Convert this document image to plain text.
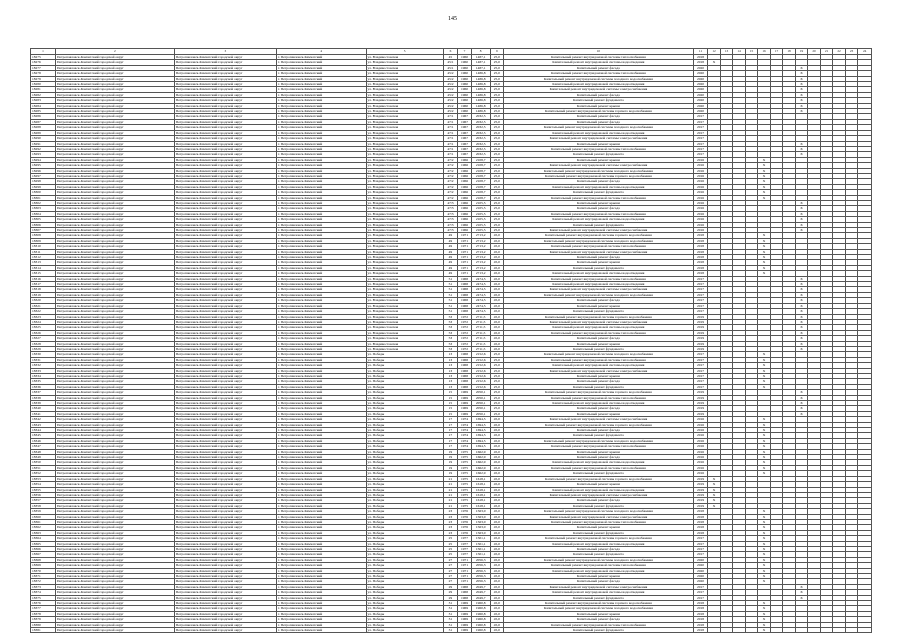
145
1	2	3	4	5	6	7	8	9	10	11	12	13	14	15	16	17	18	19	20	21	22	23	24
18275	Петропавловск-Камчатский городской округ	Петропавловск-Камчатский городской округ	г. Петропавловск-Камчатский	ул. Владивостокская	45	1960	1487,1	25,0	Капитальный ремонт внутридомовой системы теплоснабжения	2018													
18276	Петропавловск-Камчатский городской округ	Петропавловск-Камчатский городской округ	г. Петропавловск-Камчатский	ул. Владивостокская	45/1	1960	1487,1	25,0	Капитальный ремонт внутридомовой системы водоотведения	2018	X												
18277	Петропавловск-Камчатский городской округ	Петропавловск-Камчатский городской округ	г. Петропавловск-Камчатский	ул. Владивостокская	45/1	1960	1487,1	25,0	Капитальный ремонт фасада	2020								X					
18278	Петропавловск-Камчатский городской округ	Петропавловск-Камчатский городской округ	г. Петропавловск-Камчатский	ул. Владивостокская	45/2	1960	1486,8	25,0	Капитальный ремонт внутридомовой системы теплоснабжения	2020								X					
18279	Петропавловск-Камчатский городской округ	Петропавловск-Камчатский городской округ	г. Петропавловск-Камчатский	ул. Владивостокская	45/2	1960	1486,8	25,0	Капитальный ремонт внутридомовой системы холодного водоснабжения	2020								X					
18280	Петропавловск-Камчатский городской округ	Петропавловск-Камчатский городской округ	г. Петропавловск-Камчатский	ул. Владивостокская	45/2	1960	1486,8	25,0	Капитальный ремонт внутридомовой системы водоотведения	2020								X					
18281	Петропавловск-Камчатский городской округ	Петропавловск-Камчатский городской округ	г. Петропавловск-Камчатский	ул. Владивостокская	45/2	1960	1486,8	25,0	Капитальный ремонт внутридомовой системы электроснабжения	2020								X					
18282	Петропавловск-Камчатский городской округ	Петропавловск-Камчатский городской округ	г. Петропавловск-Камчатский	ул. Владивостокская	45/2	1960	1486,8	25,0	Капитальный ремонт фасада	2020								X					
18283	Петропавловск-Камчатский городской округ	Петропавловск-Камчатский городской округ	г. Петропавловск-Камчатский	ул. Владивостокская	45/2	1960	1486,8	25,0	Капитальный ремонт фундамента	2020								X					
18284	Петропавловск-Камчатский городской округ	Петропавловск-Камчатский городской округ	г. Петропавловск-Камчатский	ул. Владивостокская	45/2	1960	1486,8	25,0	Капитальный ремонт крыши	2020								X					
18285	Петропавловск-Камчатский городской округ	Петропавловск-Камчатский городской округ	г. Петропавловск-Камчатский	ул. Владивостокская	45/2	1960	1486,8	25,0	Капитальный ремонт внутридомовой системы горячего водоснабжения	2020								X					
18286	Петропавловск-Камчатский городской округ	Петропавловск-Камчатский городской округ	г. Петропавловск-Камчатский	ул. Владивостокская	47/1	1967	2032,5	25,0	Капитальный ремонт фасада	2017													
18287	Петропавловск-Камчатский городской округ	Петропавловск-Камчатский городской округ	г. Петропавловск-Камчатский	ул. Владивостокская	47/1	1967	2032,5	25,0	Капитальный ремонт фасада	2017													
18288	Петропавловск-Камчатский городской округ	Петропавловск-Камчатский городской округ	г. Петропавловск-Камчатский	ул. Владивостокская	47/1	1967	2032,5	25,0	Капитальный ремонт внутридомовой системы холодного водоснабжения	2017													
18289	Петропавловск-Камчатский городской округ	Петропавловск-Камчатский городской округ	г. Петропавловск-Камчатский	ул. Владивостокская	47/1	1967	2032,5	25,0	Капитальный ремонт внутридомовой системы водоотведения	2017													
18290	Петропавловск-Камчатский городской округ	Петропавловск-Камчатский городской округ	г. Петропавловск-Камчатский	ул. Владивостокская	47/1	1967	2032,5	25,0	Капитальный ремонт внутридомовой системы электроснабжения	2017													
18291	Петропавловск-Камчатский городской округ	Петропавловск-Камчатский городской округ	г. Петропавловск-Камчатский	ул. Владивостокская	47/1	1967	2032,5	25,0	Капитальный ремонт крыши	2017								X					
18292	Петропавловск-Камчатский городской округ	Петропавловск-Камчатский городской округ	г. Петропавловск-Камчатский	ул. Владивостокская	47/1	1967	2032,5	25,0	Капитальный ремонт внутридомовой системы теплоснабжения	2017								X					
18293	Петропавловск-Камчатский городской округ	Петропавловск-Камчатский городской округ	г. Петропавловск-Камчатский	ул. Владивостокская	47/1	1967	2032,5	25,0	Капитальный ремонт фундамента	2017								X					
18294	Петропавловск-Камчатский городской округ	Петропавловск-Камчатский городской округ	г. Петропавловск-Камчатский	ул. Владивостокская	47/2	1966	2108,7	25,0	Капитальный ремонт крыши	2016					X								
18295	Петропавловск-Камчатский городской округ	Петропавловск-Камчатский городской округ	г. Петропавловск-Камчатский	ул. Владивостокская	47/2	1966	2108,7	25,0	Капитальный ремонт внутридомовой системы электроснабжения	2016					X								
18296	Петропавловск-Камчатский городской округ	Петропавловск-Камчатский городской округ	г. Петропавловск-Камчатский	ул. Владивостокская	47/2	1966	2108,7	25,0	Капитальный ремонт внутридомовой системы холодного водоснабжения	2016					X								
18297	Петропавловск-Камчатский городской округ	Петропавловск-Камчатский городской округ	г. Петропавловск-Камчатский	ул. Владивостокская	47/2	1966	2108,7	25,0	Капитальный ремонт внутридомовой системы горячего водоснабжения	2016					X								
18298	Петропавловск-Камчатский городской округ	Петропавловск-Камчатский городской округ	г. Петропавловск-Камчатский	ул. Владивостокская	47/2	1966	2108,7	25,0	Капитальный ремонт фасада	2016					X								
18299	Петропавловск-Камчатский городской округ	Петропавловск-Камчатский городской округ	г. Петропавловск-Камчатский	ул. Владивостокская	47/2	1966	2108,7	25,0	Капитальный ремонт внутридомовой системы водоотведения	2016					X								
18300	Петропавловск-Камчатский городской округ	Петропавловск-Камчатский городской округ	г. Петропавловск-Камчатский	ул. Владивостокская	47/2	1966	2108,7	25,0	Капитальный ремонт фундамента	2016					X								
18301	Петропавловск-Камчатский городской округ	Петропавловск-Камчатский городской округ	г. Петропавловск-Камчатский	ул. Владивостокская	47/2	1966	2108,7	25,0	Капитальный ремонт внутридомовой системы теплоснабжения	2016					X								
18302	Петропавловск-Камчатский городской округ	Петропавловск-Камчатский городской округ	г. Петропавловск-Камчатский	ул. Владивостокская	47/3	1966	2105,5	25,0	Капитальный ремонт крыши	2016								X					
18303	Петропавловск-Камчатский городской округ	Петропавловск-Камчатский городской округ	г. Петропавловск-Камчатский	ул. Владивостокская	47/3	1966	2105,5	25,0	Капитальный ремонт фасада	2016								X					
18304	Петропавловск-Камчатский городской округ	Петропавловск-Камчатский городской округ	г. Петропавловск-Камчатский	ул. Владивостокская	47/3	1966	2105,5	25,0	Капитальный ремонт внутридомовой системы теплоснабжения	2016								X					
18305	Петропавловск-Камчатский городской округ	Петропавловск-Камчатский городской округ	г. Петропавловск-Камчатский	ул. Владивостокская	47/3	1966	2105,5	25,0	Капитальный ремонт внутридомовой системы водоотведения	2016								X					
18306	Петропавловск-Камчатский городской округ	Петропавловск-Камчатский городской округ	г. Петропавловск-Камчатский	ул. Владивостокская	47/3	1966	2105,5	25,0	Капитальный ремонт фундамента	2016								X					
18307	Петропавловск-Камчатский городской округ	Петропавловск-Камчатский городской округ	г. Петропавловск-Камчатский	ул. Владивостокская	47/3	1966	2105,5	25,0	Капитальный ремонт внутридомовой системы электроснабжения	2016								X					
18308	Петропавловск-Камчатский городской округ	Петропавловск-Камчатский городской округ	г. Петропавловск-Камчатский	ул. Владивостокская	49	1971	2713,2	45,0	Капитальный ремонт внутридомовой системы горячего водоснабжения	2018					X								
18309	Петропавловск-Камчатский городской округ	Петропавловск-Камчатский городской округ	г. Петропавловск-Камчатский	ул. Владивостокская	49	1971	2713,2	45,0	Капитальный ремонт внутридомовой системы холодного водоснабжения	2018					X								
18310	Петропавловск-Камчатский городской округ	Петропавловск-Камчатский городской округ	г. Петропавловск-Камчатский	ул. Владивостокская	49	1971	2713,2	45,0	Капитальный ремонт внутридомовой системы теплоснабжения	2018					X								
18311	Петропавловск-Камчатский городской округ	Петропавловск-Камчатский городской округ	г. Петропавловск-Камчатский	ул. Владивостокская	49	1971	2713,2	45,0	Капитальный ремонт внутридомовой системы электроснабжения	2018					X								
18312	Петропавловск-Камчатский городской округ	Петропавловск-Камчатский городской округ	г. Петропавловск-Камчатский	ул. Владивостокская	49	1971	2713,2	45,0	Капитальный ремонт фасада	2018					X								
18313	Петропавловск-Камчатский городской округ	Петропавловск-Камчатский городской округ	г. Петропавловск-Камчатский	ул. Владивостокская	49	1971	2713,2	45,0	Капитальный ремонт крыши	2018					X								
18314	Петропавловск-Камчатский городской округ	Петропавловск-Камчатский городской округ	г. Петропавловск-Камчатский	ул. Владивостокская	49	1971	2713,2	45,0	Капитальный ремонт фундамента	2018					X								
18315	Петропавловск-Камчатский городской округ	Петропавловск-Камчатский городской округ	г. Петропавловск-Камчатский	ул. Владивостокская	49	1971	2713,2	45,0	Капитальный ремонт внутридомовой системы водоотведения	2018					X								
18316	Петропавловск-Камчатский городской округ	Петропавловск-Камчатский городской округ	г. Петропавловск-Камчатский	ул. Владивостокская	51	1968	2474,5	45,0	Капитальный ремонт внутридомовой системы теплоснабжения	2017								X					
18317	Петропавловск-Камчатский городской округ	Петропавловск-Камчатский городской округ	г. Петропавловск-Камчатский	ул. Владивостокская	51	1968	2474,5	45,0	Капитальный ремонт внутридомовой системы водоотведения	2017								X					
18318	Петропавловск-Камчатский городской округ	Петропавловск-Камчатский городской округ	г. Петропавловск-Камчатский	ул. Владивостокская	51	1968	2474,5	45,0	Капитальный ремонт внутридомовой системы электроснабжения	2017								X					
18319	Петропавловск-Камчатский городской округ	Петропавловск-Камчатский городской округ	г. Петропавловск-Камчатский	ул. Владивостокская	51	1968	2474,5	45,0	Капитальный ремонт внутридомовой системы холодного водоснабжения	2017								X					
18320	Петропавловск-Камчатский городской округ	Петропавловск-Камчатский городской округ	г. Петропавловск-Камчатский	ул. Владивостокская	51	1968	2474,5	45,0	Капитальный ремонт фасада	2017								X					
18321	Петропавловск-Камчатский городской округ	Петропавловск-Камчатский городской округ	г. Петропавловск-Камчатский	ул. Владивостокская	51	1968	2474,5	45,0	Капитальный ремонт крыши	2017								X					
18322	Петропавловск-Камчатский городской округ	Петропавловск-Камчатский городской округ	г. Петропавловск-Камчатский	ул. Владивостокская	51	1968	2474,5	45,0	Капитальный ремонт фундамента	2017								X					
18323	Петропавловск-Камчатский городской округ	Петропавловск-Камчатский городской округ	г. Петропавловск-Камчатский	ул. Владивостокская	53	1972	2711,5	45,0	Капитальный ремонт внутридомовой системы горячего водоснабжения	2019								X					
18324	Петропавловск-Камчатский городской округ	Петропавловск-Камчатский городской округ	г. Петропавловск-Камчатский	ул. Владивостокская	53	1972	2711,5	45,0	Капитальный ремонт внутридомовой системы электроснабжения	2019								X					
18325	Петропавловск-Камчатский городской округ	Петропавловск-Камчатский городской округ	г. Петропавловск-Камчатский	ул. Владивостокская	53	1972	2711,5	45,0	Капитальный ремонт внутридомовой системы водоотведения	2019								X					
18326	Петропавловск-Камчатский городской округ	Петропавловск-Камчатский городской округ	г. Петропавловск-Камчатский	ул. Владивостокская	53	1972	2711,5	45,0	Капитальный ремонт внутридомовой системы теплоснабжения	2019								X					
18327	Петропавловск-Камчатский городской округ	Петропавловск-Камчатский городской округ	г. Петропавловск-Камчатский	ул. Владивостокская	53	1972	2711,5	45,0	Капитальный ремонт фасада	2019								X					
18328	Петропавловск-Камчатский городской округ	Петропавловск-Камчатский городской округ	г. Петропавловск-Камчатский	ул. Владивостокская	53	1972	2711,5	45,0	Капитальный ремонт крыши	2019								X					
18329	Петропавловск-Камчатский городской округ	Петропавловск-Камчатский городской округ	г. Петропавловск-Камчатский	ул. Владивостокская	53	1972	2711,5	45,0	Капитальный ремонт фундамента	2019								X					
18330	Петропавловск-Камчатский городской округ	Петропавловск-Камчатский городской округ	г. Петропавловск-Камчатский	ул. Победы	13	1968	2152,6	25,0	Капитальный ремонт внутридомовой системы холодного водоснабжения	2017					X								
18331	Петропавловск-Камчатский городской округ	Петропавловск-Камчатский городской округ	г. Петропавловск-Камчатский	ул. Победы	13	1968	2152,6	25,0	Капитальный ремонт внутридомовой системы теплоснабжения	2017					X								
18332	Петропавловск-Камчатский городской округ	Петропавловск-Камчатский городской округ	г. Петропавловск-Камчатский	ул. Победы	13	1968	2152,6	25,0	Капитальный ремонт внутридомовой системы водоотведения	2017					X								
18333	Петропавловск-Камчатский городской округ	Петропавловск-Камчатский городской округ	г. Петропавловск-Камчатский	ул. Победы	13	1968	2152,6	25,0	Капитальный ремонт внутридомовой системы электроснабжения	2017					X								
18334	Петропавловск-Камчатский городской округ	Петропавловск-Камчатский городской округ	г. Петропавловск-Камчатский	ул. Победы	13	1968	2152,6	25,0	Капитальный ремонт крыши	2017					X								
18335	Петропавловск-Камчатский городской округ	Петропавловск-Камчатский городской округ	г. Петропавловск-Камчатский	ул. Победы	13	1968	2152,6	25,0	Капитальный ремонт фасада	2017					X								
18336	Петропавловск-Камчатский городской округ	Петропавловск-Камчатский городской округ	г. Петропавловск-Камчатский	ул. Победы	13	1968	2152,6	25,0	Капитальный ремонт фундамента	2017					X								
18337	Петропавловск-Камчатский городской округ	Петропавловск-Камчатский городской округ	г. Петропавловск-Камчатский	ул. Победы	15	1969	2050,1	25,0	Капитальный ремонт внутридомовой системы горячего водоснабжения	2019								X					
18338	Петропавловск-Камчатский городской округ	Петропавловск-Камчатский городской округ	г. Петропавловск-Камчатский	ул. Победы	15	1969	2050,1	25,0	Капитальный ремонт внутридомовой системы теплоснабжения	2019								X					
18339	Петропавловск-Камчатский городской округ	Петропавловск-Камчатский городской округ	г. Петропавловск-Камчатский	ул. Победы	15	1969	2050,1	25,0	Капитальный ремонт внутридомовой системы водоотведения	2019								X					
18340	Петропавловск-Камчатский городской округ	Петропавловск-Камчатский городской округ	г. Петропавловск-Камчатский	ул. Победы	15	1969	2050,1	25,0	Капитальный ремонт фасада	2019								X					
18341	Петропавловск-Камчатский городской округ	Петропавловск-Камчатский городской округ	г. Петропавловск-Камчатский	ул. Победы	15	1969	2050,1	25,0	Капитальный ремонт крыши	2019								X					
18342	Петропавловск-Камчатский городской округ	Петропавловск-Камчатский городской округ	г. Петропавловск-Камчатский	ул. Победы	17	1974	1694,5	45,0	Капитальный ремонт внутридомовой системы электроснабжения	2016					X								
18343	Петропавловск-Камчатский городской округ	Петропавловск-Камчатский городской округ	г. Петропавловск-Камчатский	ул. Победы	17	1974	1694,5	45,0	Капитальный ремонт внутридомовой системы горячего водоснабжения	2016					X								
18344	Петропавловск-Камчатский городской округ	Петропавловск-Камчатский городской округ	г. Петропавловск-Камчатский	ул. Победы	17	1974	1694,5	45,0	Капитальный ремонт фасада	2016					X								
18345	Петропавловск-Камчатский городской округ	Петропавловск-Камчатский городской округ	г. Петропавловск-Камчатский	ул. Победы	17	1974	1694,5	45,0	Капитальный ремонт фундамента	2016					X								
18346	Петропавловск-Камчатский городской округ	Петропавловск-Камчатский городской округ	г. Петропавловск-Камчатский	ул. Победы	17	1974	1694,5	45,0	Капитальный ремонт внутридомовой системы холодного водоснабжения	2016					X								
18347	Петропавловск-Камчатский городской округ	Петропавловск-Камчатский городской округ	г. Петропавловск-Камчатский	ул. Победы	17	1974	1694,5	45,0	Капитальный ремонт внутридомовой системы теплоснабжения	2016					X								
18348	Петропавловск-Камчатский городской округ	Петропавловск-Камчатский городской округ	г. Петропавловск-Камчатский	ул. Победы	19	1975	1662,9	45,0	Капитальный ремонт крыши	2016					X								
18349	Петропавловск-Камчатский городской округ	Петропавловск-Камчатский городской округ	г. Петропавловск-Камчатский	ул. Победы	19	1975	1662,9	45,0	Капитальный ремонт фасада	2016					X								
18350	Петропавловск-Камчатский городской округ	Петропавловск-Камчатский городской округ	г. Петропавловск-Камчатский	ул. Победы	19	1975	1662,9	45,0	Капитальный ремонт внутридомовой системы водоотведения	2016					X								
18351	Петропавловск-Камчатский городской округ	Петропавловск-Камчатский городской округ	г. Петропавловск-Камчатский	ул. Победы	19	1975	1662,9	45,0	Капитальный ремонт внутридомовой системы теплоснабжения	2016					X								
18352	Петропавловск-Камчатский городской округ	Петропавловск-Камчатский городской округ	г. Петропавловск-Камчатский	ул. Победы	19	1975	1662,9	45,0	Капитальный ремонт фундамента	2016					X								
18353	Петропавловск-Камчатский городской округ	Петропавловск-Камчатский городской округ	г. Петропавловск-Камчатский	ул. Победы	21	1975	1618,1	45,0	Капитальный ремонт внутридомовой системы горячего водоснабжения	2019	X												
18354	Петропавловск-Камчатский городской округ	Петропавловск-Камчатский городской округ	г. Петропавловск-Камчатский	ул. Победы	21	1975	1618,1	45,0	Капитальный ремонт крыши	2019	X												
18355	Петропавловск-Камчатский городской округ	Петропавловск-Камчатский городской округ	г. Петропавловск-Камчатский	ул. Победы	21	1975	1618,1	45,0	Капитальный ремонт внутридомовой системы водоотведения	2019	X												
18356	Петропавловск-Камчатский городской округ	Петропавловск-Камчатский городской округ	г. Петропавловск-Камчатский	ул. Победы	21	1975	1618,1	45,0	Капитальный ремонт внутридомовой системы электроснабжения	2019	X												
18357	Петропавловск-Камчатский городской округ	Петропавловск-Камчатский городской округ	г. Петропавловск-Камчатский	ул. Победы	21	1975	1618,1	45,0	Капитальный ремонт фасада	2019	X												
18358	Петропавловск-Камчатский городской округ	Петропавловск-Камчатский городской округ	г. Петропавловск-Камчатский	ул. Победы	21	1975	1618,1	45,0	Капитальный ремонт фундамента	2019	X												
18359	Петропавловск-Камчатский городской округ	Петропавловск-Камчатский городской округ	г. Петропавловск-Камчатский	ул. Победы	23	1976	1563,0	45,0	Капитальный ремонт внутридомовой системы холодного водоснабжения	2018					X								
18360	Петропавловск-Камчатский городской округ	Петропавловск-Камчатский городской округ	г. Петропавловск-Камчатский	ул. Победы	23	1976	1563,0	45,0	Капитальный ремонт внутридомовой системы электроснабжения	2018					X								
18361	Петропавловск-Камчатский городской округ	Петропавловск-Камчатский городской округ	г. Петропавловск-Камчатский	ул. Победы	23	1976	1563,0	45,0	Капитальный ремонт внутридомовой системы теплоснабжения	2018					X								
18362	Петропавловск-Камчатский городской округ	Петропавловск-Камчатский городской округ	г. Петропавловск-Камчатский	ул. Победы	23	1976	1563,0	45,0	Капитальный ремонт крыши	2018					X								
18363	Петропавловск-Камчатский городской округ	Петропавловск-Камчатский городской округ	г. Петропавловск-Камчатский	ул. Победы	23	1976	1563,0	45,0	Капитальный ремонт фундамента	2018					X								
18364	Петропавловск-Камчатский городской округ	Петропавловск-Камчатский городской округ	г. Петропавловск-Камчатский	ул. Победы	25	1977	1501,1	45,0	Капитальный ремонт внутридомовой системы горячего водоснабжения	2017					X								
18365	Петропавловск-Камчатский городской округ	Петропавловск-Камчатский городской округ	г. Петропавловск-Камчатский	ул. Победы	25	1977	1501,1	45,0	Капитальный ремонт внутридомовой системы водоотведения	2017					X								
18366	Петропавловск-Камчатский городской округ	Петропавловск-Камчатский городской округ	г. Петропавловск-Камчатский	ул. Победы	25	1977	1501,1	45,0	Капитальный ремонт фасада	2017					X								
18367	Петропавловск-Камчатский городской округ	Петропавловск-Камчатский городской округ	г. Петропавловск-Камчатский	ул. Победы	25	1977	1501,1	45,0	Капитальный ремонт фундамента	2017					X								
18368	Петропавловск-Камчатский городской округ	Петропавловск-Камчатский городской округ	г. Петропавловск-Камчатский	ул. Победы	27	1971	2056,3	45,0	Капитальный ремонт внутридомовой системы холодного водоснабжения	2020					X								
18369	Петропавловск-Камчатский городской округ	Петропавловск-Камчатский городской округ	г. Петропавловск-Камчатский	ул. Победы	27	1971	2056,3	45,0	Капитальный ремонт внутридомовой системы теплоснабжения	2020					X								
18370	Петропавловск-Камчатский городской округ	Петропавловск-Камчатский городской округ	г. Петропавловск-Камчатский	ул. Победы	27	1971	2056,3	45,0	Капитальный ремонт внутридомовой системы водоотведения	2020					X								
18371	Петропавловск-Камчатский городской округ	Петропавловск-Камчатский городской округ	г. Петропавловск-Камчатский	ул. Победы	27	1971	2056,3	45,0	Капитальный ремонт крыши	2020					X								
18372	Петропавловск-Камчатский городской округ	Петропавловск-Камчатский городской округ	г. Петропавловск-Камчатский	ул. Победы	27	1971	2056,3	45,0	Капитальный ремонт фасада	2020					X								
18373	Петропавловск-Камчатский городской округ	Петропавловск-Камчатский городской округ	г. Петропавловск-Камчатский	ул. Победы	29	1968	2049,7	45,0	Капитальный ремонт внутридомовой системы электроснабжения	2017								X					
18374	Петропавловск-Камчатский городской округ	Петропавловск-Камчатский городской округ	г. Петропавловск-Камчатский	ул. Победы	29	1968	2049,7	45,0	Капитальный ремонт внутридомовой системы водоотведения	2017								X					
18375	Петропавловск-Камчатский городской округ	Петропавловск-Камчатский городской округ	г. Петропавловск-Камчатский	ул. Победы	29	1968	2049,7	45,0	Капитальный ремонт фундамента	2017								X					
18376	Петропавловск-Камчатский городской округ	Петропавловск-Камчатский городской округ	г. Петропавловск-Камчатский	ул. Победы	31	1969	1960,8	45,0	Капитальный ремонт внутридомовой системы горячего водоснабжения	2018					X								
18377	Петропавловск-Камчатский городской округ	Петропавловск-Камчатский городской округ	г. Петропавловск-Камчатский	ул. Победы	31	1969	1960,8	45,0	Капитальный ремонт внутридомовой системы холодного водоснабжения	2018					X								
18378	Петропавловск-Камчатский городской округ	Петропавловск-Камчатский городской округ	г. Петропавловск-Камчатский	ул. Победы	31	1969	1960,8	45,0	Капитальный ремонт крыши	2018					X								
18379	Петропавловск-Камчатский городской округ	Петропавловск-Камчатский городской округ	г. Петропавловск-Камчатский	ул. Победы	31	1969	1960,8	45,0	Капитальный ремонт фасада	2018					X								
18380	Петропавловск-Камчатский городской округ	Петропавловск-Камчатский городской округ	г. Петропавловск-Камчатский	ул. Победы	31	1969	1960,8	45,0	Капитальный ремонт внутридомовой системы теплоснабжения	2018					X								
18381	Петропавловск-Камчатский городской округ	Петропавловск-Камчатский городской округ	г. Петропавловск-Камчатский	ул. Победы	31	1969	1960,8	45,0	Капитальный ремонт фундамента	2018					X								
